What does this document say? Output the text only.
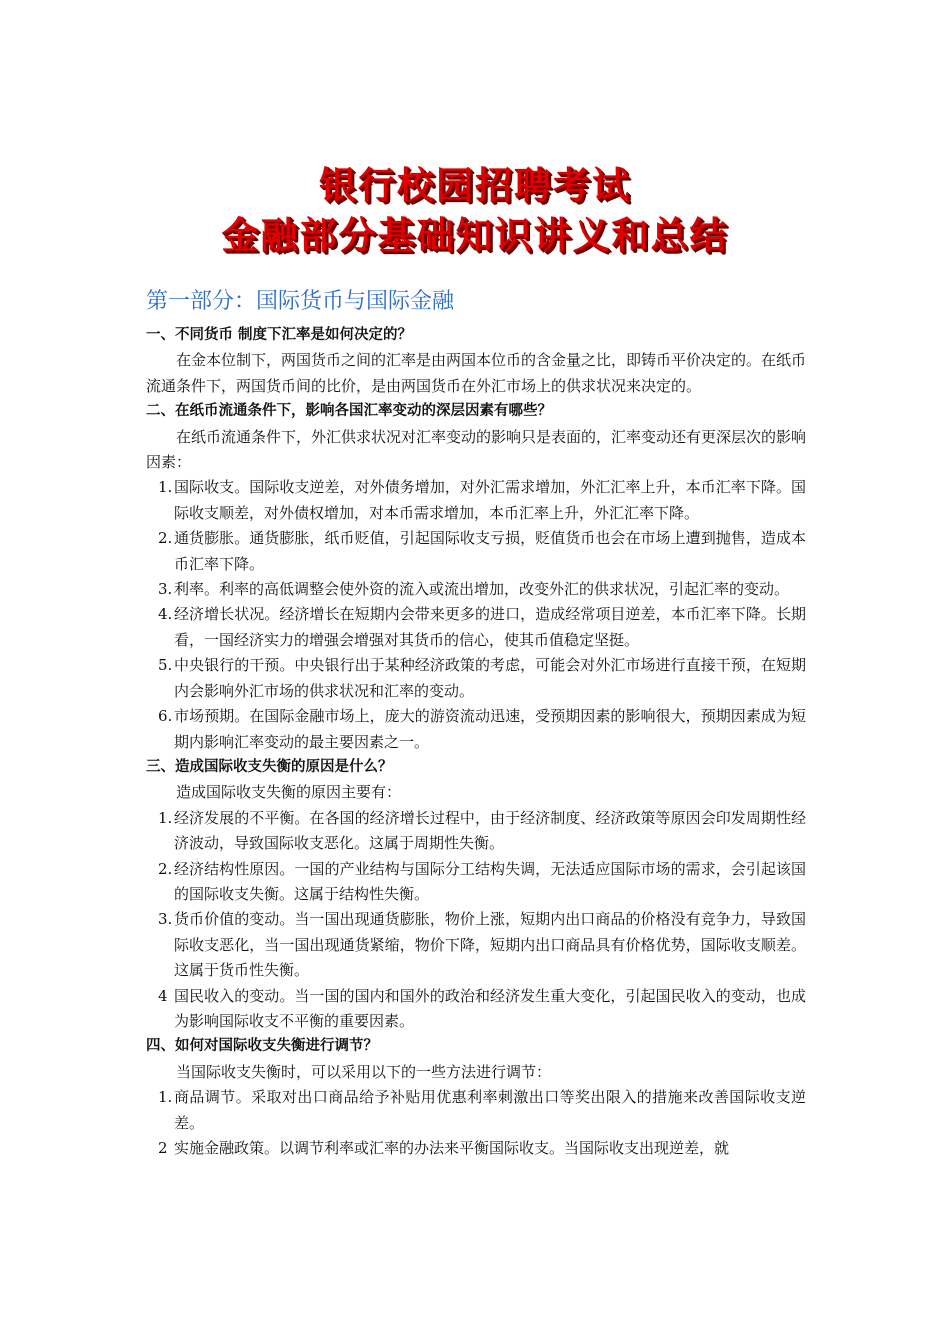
银行校园招聘考试
金融部分基础知识讲义和总结
第一部分：国际货币与国际金融
一、不同货币 制度下汇率是如何决定的？
在金本位制下，两国货币之间的汇率是由两国本位币的含金量之比，即铸币平价决定的。在纸币流通条件下，两国货币间的比价，是由两国货币在外汇市场上的供求状况来决定的。
二、在纸币流通条件下，影响各国汇率变动的深层因素有哪些？
在纸币流通条件下，外汇供求状况对汇率变动的影响只是表面的，汇率变动还有更深层次的影响因素：
1. 国际收支。国际收支逆差，对外债务增加，对外汇需求增加，外汇汇率上升，本币汇率下降。国际收支顺差，对外债权增加，对本币需求增加，本币汇率上升，外汇汇率下降。
2. 通货膨胀。通货膨胀，纸币贬值，引起国际收支亏损，贬值货币也会在市场上遭到抛售，造成本币汇率下降。
3. 利率。利率的高低调整会使外资的流入或流出增加，改变外汇的供求状况，引起汇率的变动。
4. 经济增长状况。经济增长在短期内会带来更多的进口，造成经常项目逆差，本币汇率下降。长期看，一国经济实力的增强会增强对其货币的信心，使其币值稳定坚挺。
5. 中央银行的干预。中央银行出于某种经济政策的考虑，可能会对外汇市场进行直接干预，在短期内会影响外汇市场的供求状况和汇率的变动。
6. 市场预期。在国际金融市场上，庞大的游资流动迅速，受预期因素的影响很大，预期因素成为短期内影响汇率变动的最主要因素之一。
三、造成国际收支失衡的原因是什么？
造成国际收支失衡的原因主要有：
1. 经济发展的不平衡。在各国的经济增长过程中，由于经济制度、经济政策等原因会印发周期性经济波动，导致国际收支恶化。这属于周期性失衡。
2. 经济结构性原因。一国的产业结构与国际分工结构失调，无法适应国际市场的需求，会引起该国的国际收支失衡。这属于结构性失衡。
3. 货币价值的变动。当一国出现通货膨胀，物价上涨，短期内出口商品的价格没有竞争力，导致国际收支恶化，当一国出现通货紧缩，物价下降，短期内出口商品具有价格优势，国际收支顺差。这属于货币性失衡。
4 国民收入的变动。当一国的国内和国外的政治和经济发生重大变化，引起国民收入的变动，也成为影响国际收支不平衡的重要因素。
四、如何对国际收支失衡进行调节？
当国际收支失衡时，可以采用以下的一些方法进行调节：
1. 商品调节。采取对出口商品给予补贴用优惠利率刺激出口等奖出限入的措施来改善国际收支逆差。
2 实施金融政策。以调节利率或汇率的办法来平衡国际收支。当国际收支出现逆差，就
